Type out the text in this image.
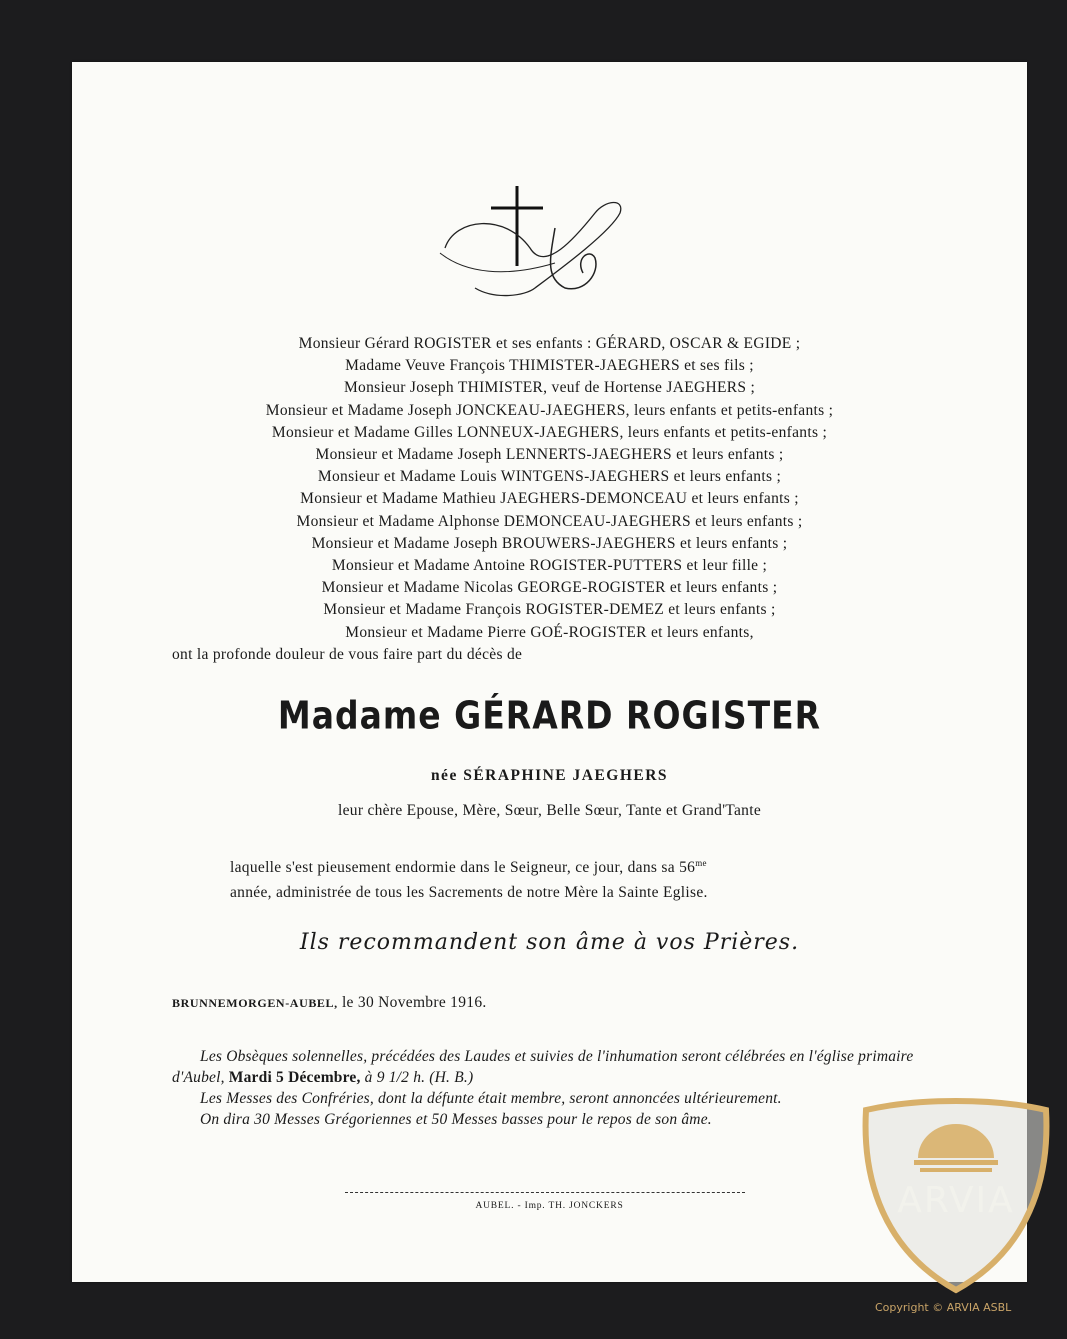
Monsieur Gérard ROGISTER et ses enfants : GÉRARD, OSCAR & EGIDE ;
Madame Veuve François THIMISTER-JAEGHERS et ses fils ;
Monsieur Joseph THIMISTER, veuf de Hortense JAEGHERS ;
Monsieur et Madame Joseph JONCKEAU-JAEGHERS, leurs enfants et petits-enfants ;
Monsieur et Madame Gilles LONNEUX-JAEGHERS, leurs enfants et petits-enfants ;
Monsieur et Madame Joseph LENNERTS-JAEGHERS et leurs enfants ;
Monsieur et Madame Louis WINTGENS-JAEGHERS et leurs enfants ;
Monsieur et Madame Mathieu JAEGHERS-DEMONCEAU et leurs enfants ;
Monsieur et Madame Alphonse DEMONCEAU-JAEGHERS et leurs enfants ;
Monsieur et Madame Joseph BROUWERS-JAEGHERS et leurs enfants ;
Monsieur et Madame Antoine ROGISTER-PUTTERS et leur fille ;
Monsieur et Madame Nicolas GEORGE-ROGISTER et leurs enfants ;
Monsieur et Madame François ROGISTER-DEMEZ et leurs enfants ;
Monsieur et Madame Pierre GOÉ-ROGISTER et leurs enfants,
ont la profonde douleur de vous faire part du décès de
Madame GÉRARD ROGISTER
née SÉRAPHINE JAEGHERS
leur chère Epouse, Mère, Sœur, Belle Sœur, Tante et Grand'Tante
laquelle s'est pieusement endormie dans le Seigneur, ce jour, dans sa $56^{me}$
année, administrée de tous les Sacrements de notre Mère la Sainte Eglise.
Ils recommandent son âme à vos Prières.
BRUNNEMORGEN-AUBEL, le 30 Novembre 1916.

Les Obsèques solennelles, précédées des Laudes et suivies de l'inhumation seront célébrées en l'église primaire d'Aubel, Mardi 5 Décembre, à 9 1/2 h. (H. B.)

Les Messes des Confréries, dont la défunte était membre, seront annoncées ultérieurement.

On dira 30 Messes Grégoriennes et 50 Messes basses pour le repos de son âme.

AUBEL. - Imp. TH. JONCKERS	ARVIA
Copyright © ARVIA ASBL
